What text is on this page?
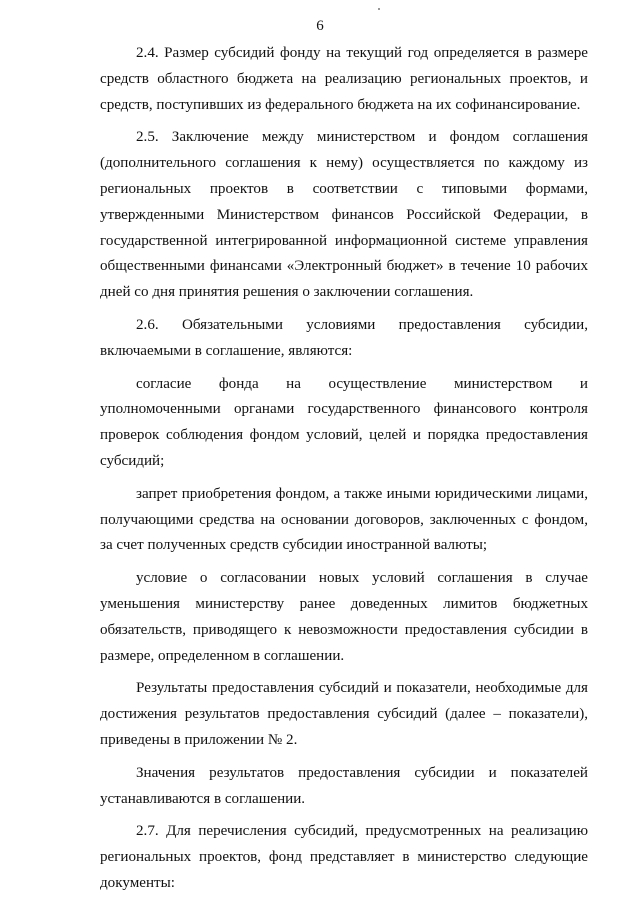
6

2.4. Размер субсидий фонду на текущий год определяется в размере средств областного бюджета на реализацию региональных проектов, и средств, поступивших из федерального бюджета на их софинансирование.

2.5. Заключение между министерством и фондом соглашения (дополнительного соглашения к нему) осуществляется по каждому из региональных проектов в соответствии с типовыми формами, утвержденными Министерством финансов Российской Федерации, в государственной интегрированной информационной системе управления общественными финансами «Электронный бюджет» в течение 10 рабочих дней со дня принятия решения о заключении соглашения.

2.6. Обязательными условиями предоставления субсидии, включаемыми в соглашение, являются:

согласие фонда на осуществление министерством и уполномоченными органами государственного финансового контроля проверок соблюдения фондом условий, целей и порядка предоставления субсидий;

запрет приобретения фондом, а также иными юридическими лицами, получающими средства на основании договоров, заключенных с фондом, за счет полученных средств субсидии иностранной валюты;

условие о согласовании новых условий соглашения в случае уменьшения министерству ранее доведенных лимитов бюджетных обязательств, приводящего к невозможности предоставления субсидии в размере, определенном в соглашении.

Результаты предоставления субсидий и показатели, необходимые для достижения результатов предоставления субсидий (далее – показатели), приведены в приложении № 2.

Значения результатов предоставления субсидии и показателей устанавливаются в соглашении.

2.7. Для перечисления субсидий, предусмотренных на реализацию региональных проектов, фонд представляет в министерство следующие документы:
